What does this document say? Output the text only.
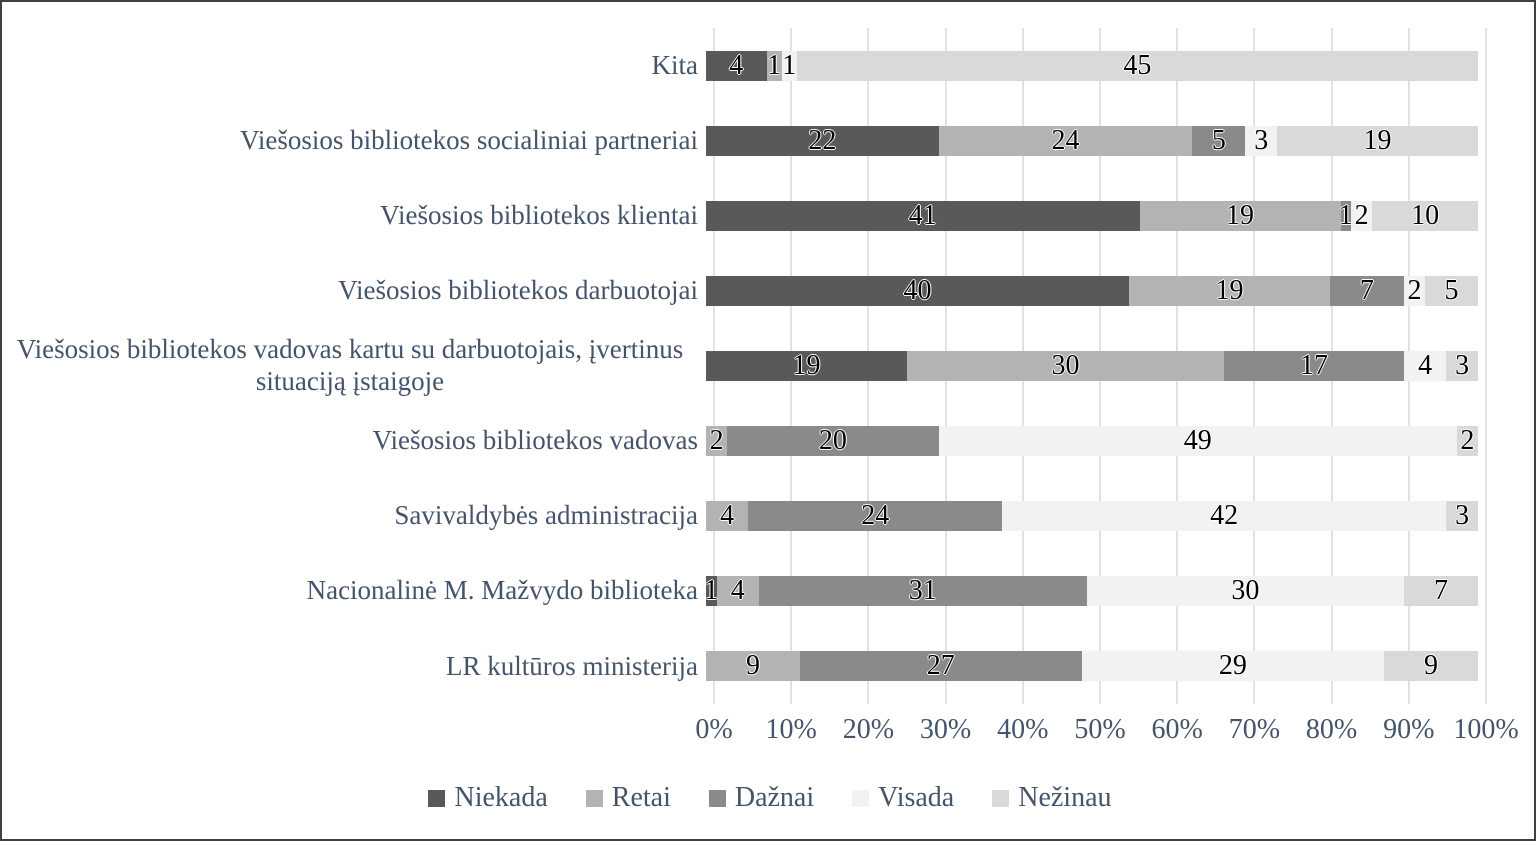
Kita 4 1 1	45
Viešosios bibliotekos socialiniai partneriai	22	24	5 3	19
Viešosios bibliotekos klientai	41	19	1 2 10
Viešosios bibliotekos darbuotojai	40	19	7 2 5
Viešosios bibliotekos vadovas kartu su darbuotojais, įvertinus situaciją įstaigoje	19	30	17	4 3
Viešosios bibliotekos vadovas 2	20	49	2
Savivaldybės administracija 4	24	42	3
Nacionalinė M. Mažvydo biblioteka 1 4	31	30	7
LR kultūros ministerija 9	27	29	9
0% 10% 20% 30% 40% 50% 60% 70% 80% 90% 100%
Niekada Retai Dažnai Visada Nežinau
